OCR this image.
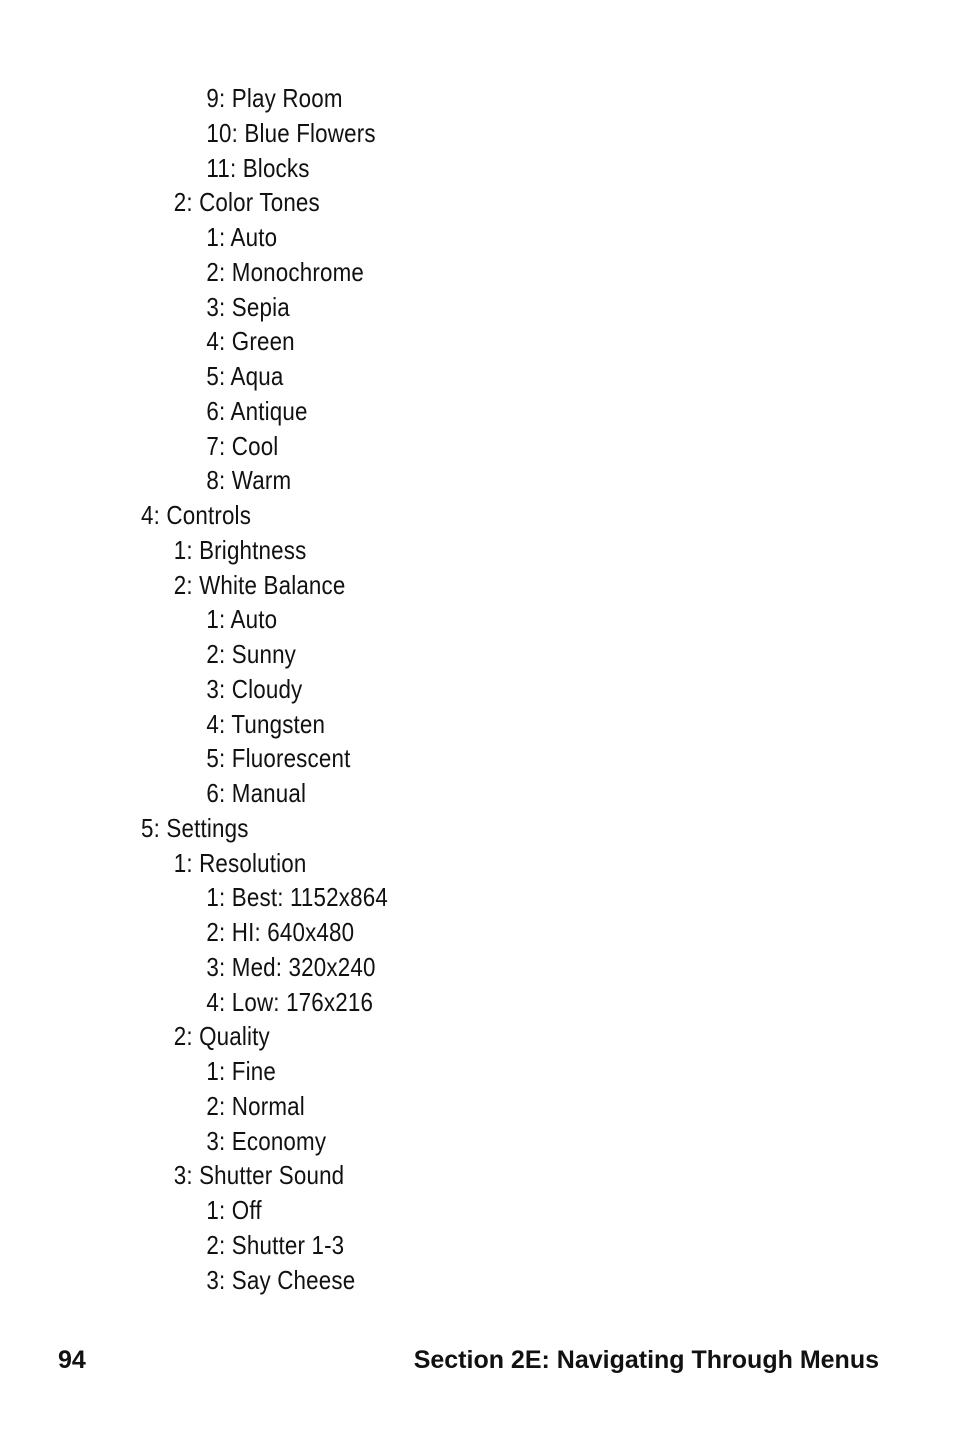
9: Play Room
10: Blue Flowers
11: Blocks
2: Color Tones
1: Auto
2: Monochrome
3: Sepia
4: Green
5: Aqua
6: Antique
7: Cool
8: Warm
4: Controls
1: Brightness
2: White Balance
1: Auto
2: Sunny
3: Cloudy
4: Tungsten
5: Fluorescent
6: Manual
5: Settings
1: Resolution
1: Best: 1152x864
2: HI: 640x480
3: Med: 320x240
4: Low: 176x216
2: Quality
1: Fine
2: Normal
3: Economy
3: Shutter Sound
1: Off
2: Shutter 1-3
3: Say Cheese
94	Section 2E: Navigating Through Menus
